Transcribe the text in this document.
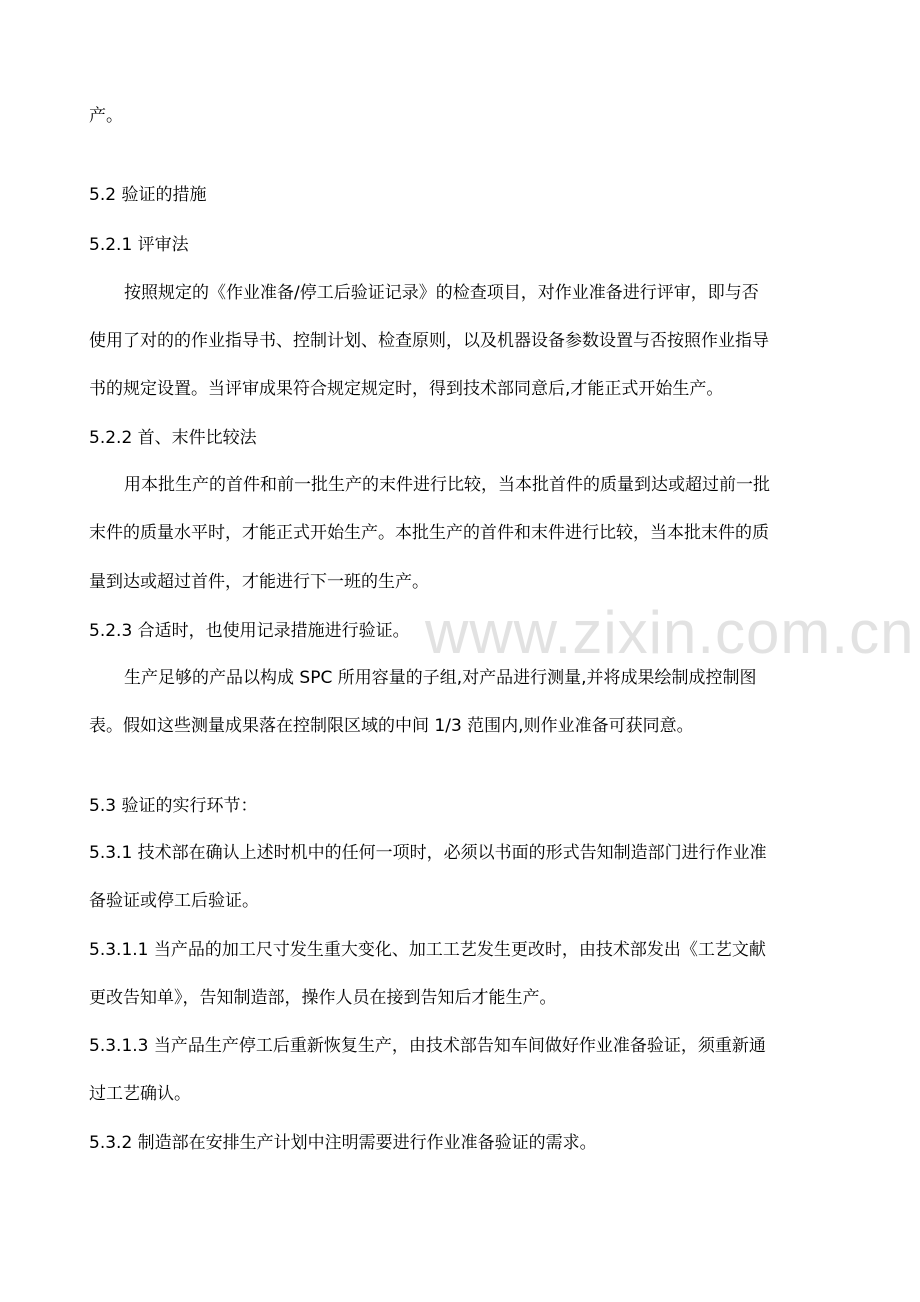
www.zixin.com.cn
产。
5.2 验证的措施
5.2.1 评审法
按照规定的《作业准备/停工后验证记录》的检查项目，对作业准备进行评审，即与否
使用了对的的作业指导书、控制计划、检查原则，以及机器设备参数设置与否按照作业指导
书的规定设置。当评审成果符合规定规定时，得到技术部同意后,才能正式开始生产。
5.2.2 首、末件比较法
用本批生产的首件和前一批生产的末件进行比较，当本批首件的质量到达或超过前一批
末件的质量水平时，才能正式开始生产。本批生产的首件和末件进行比较，当本批末件的质
量到达或超过首件，才能进行下一班的生产。
5.2.3 合适时，也使用记录措施进行验证。
生产足够的产品以构成 SPC 所用容量的子组,对产品进行测量,并将成果绘制成控制图
表。假如这些测量成果落在控制限区域的中间 1/3 范围内,则作业准备可获同意。
5.3 验证的实行环节：
5.3.1 技术部在确认上述时机中的任何一项时，必须以书面的形式告知制造部门进行作业准
备验证或停工后验证。
5.3.1.1 当产品的加工尺寸发生重大变化、加工工艺发生更改时，由技术部发出《工艺文献
更改告知单》，告知制造部，操作人员在接到告知后才能生产。
5.3.1.3 当产品生产停工后重新恢复生产，由技术部告知车间做好作业准备验证，须重新通
过工艺确认。
5.3.2 制造部在安排生产计划中注明需要进行作业准备验证的需求。
